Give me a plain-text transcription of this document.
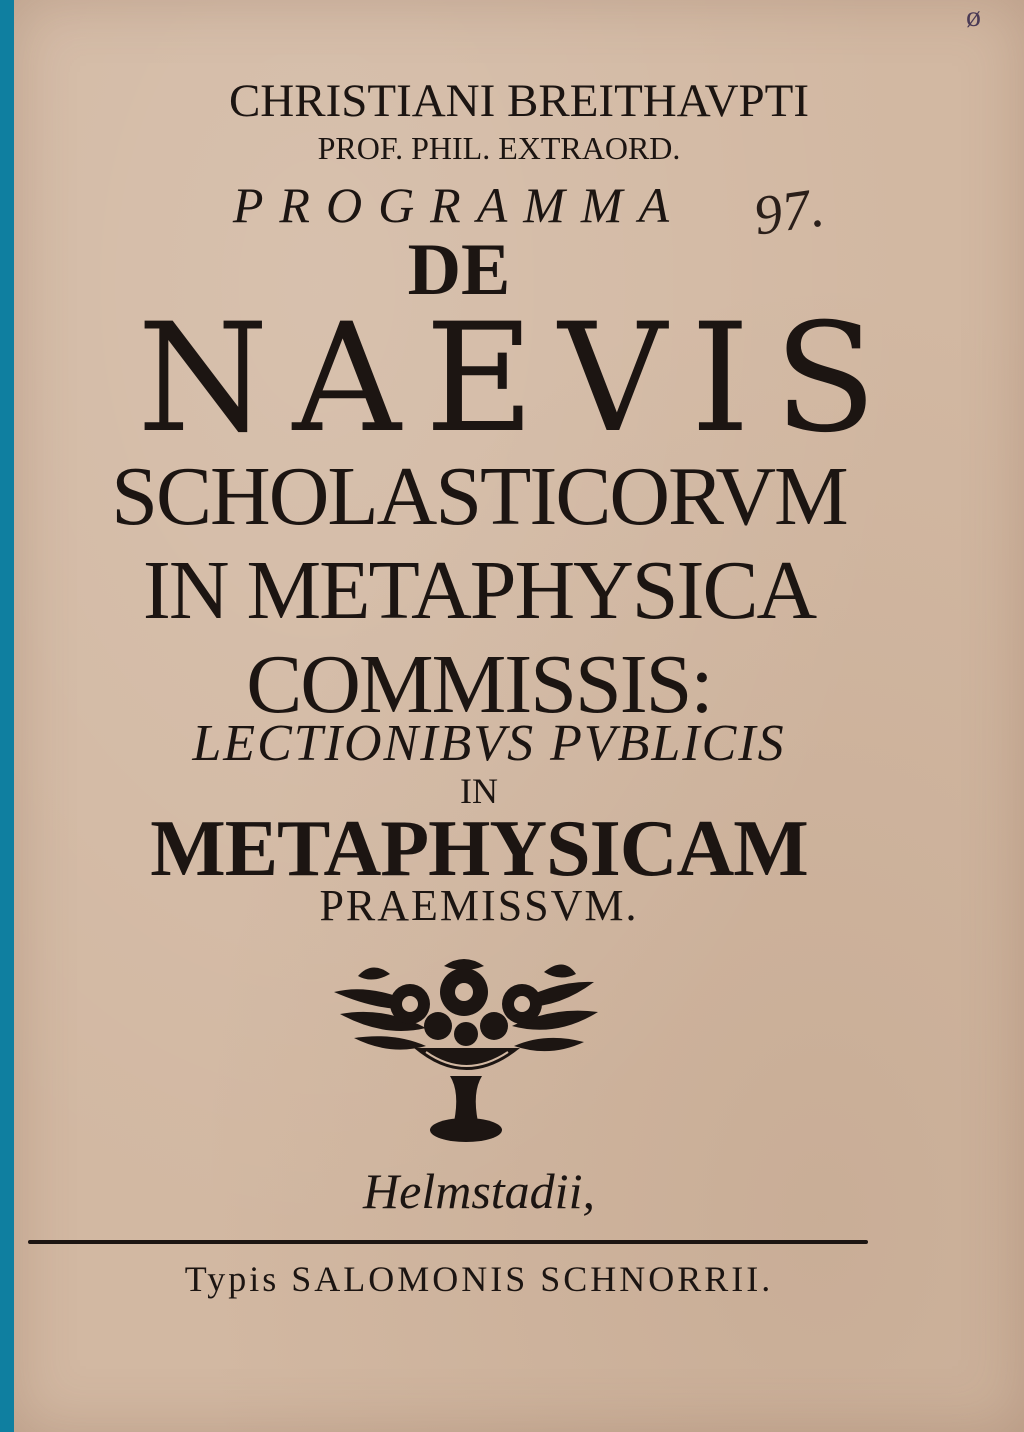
CHRISTIANI BREITHAVPTI
PROF. PHIL. EXTRAORD.
PROGRAMMA	97.
DE
NAEVIS
SCHOLASTICORVM
IN METAPHYSICA
COMMISSIS:
LECTIONIBVS PVBLICIS
IN
METAPHYSICAM
PRAEMISSVM.
Helmstadii,
Typis SALOMONIS SCHNORRII.
ø
